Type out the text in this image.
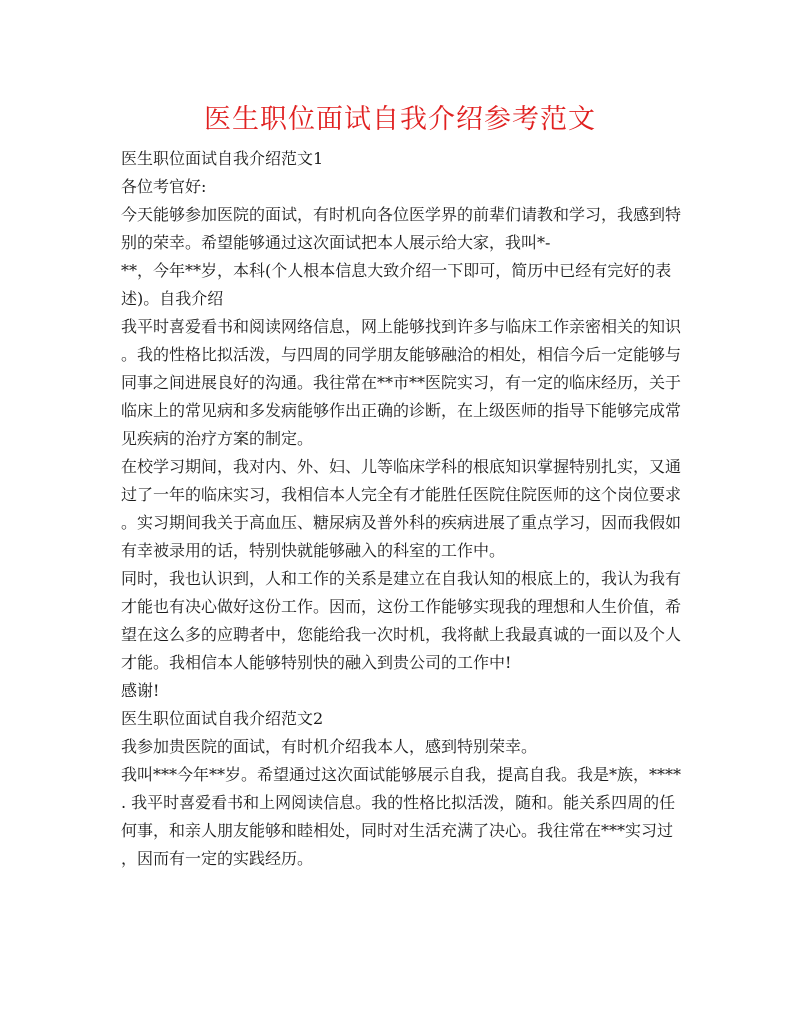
医生职位面试自我介绍参考范文

医生职位面试自我介绍范文1

各位考官好:

今天能够参加医院的面试，有时机向各位医学界的前辈们请教和学习，我感到特

别的荣幸。希望能够通过这次面试把本人展示给大家，我叫*-

**，今年**岁，本科(个人根本信息大致介绍一下即可，简历中已经有完好的表

述)。自我介绍

我平时喜爱看书和阅读网络信息，网上能够找到许多与临床工作亲密相关的知识

。我的性格比拟活泼，与四周的同学朋友能够融洽的相处，相信今后一定能够与

同事之间进展良好的沟通。我往常在**市**医院实习，有一定的临床经历，关于

临床上的常见病和多发病能够作出正确的诊断，在上级医师的指导下能够完成常

见疾病的治疗方案的制定。

在校学习期间，我对内、外、妇、儿等临床学科的根底知识掌握特别扎实，又通

过了一年的临床实习，我相信本人完全有才能胜任医院住院医师的这个岗位要求

。实习期间我关于高血压、糖尿病及普外科的疾病进展了重点学习，因而我假如

有幸被录用的话，特别快就能够融入的科室的工作中。

同时，我也认识到，人和工作的关系是建立在自我认知的根底上的，我认为我有

才能也有决心做好这份工作。因而，这份工作能够实现我的理想和人生价值，希

望在这么多的应聘者中，您能给我一次时机，我将献上我最真诚的一面以及个人

才能。我相信本人能够特别快的融入到贵公司的工作中!

感谢!

医生职位面试自我介绍范文2

我参加贵医院的面试，有时机介绍我本人，感到特别荣幸。

我叫***今年**岁。希望通过这次面试能够展示自我，提高自我。我是*族，****

. 我平时喜爱看书和上网阅读信息。我的性格比拟活泼，随和。能关系四周的任

何事，和亲人朋友能够和睦相处，同时对生活充满了决心。我往常在***实习过

，因而有一定的实践经历。
